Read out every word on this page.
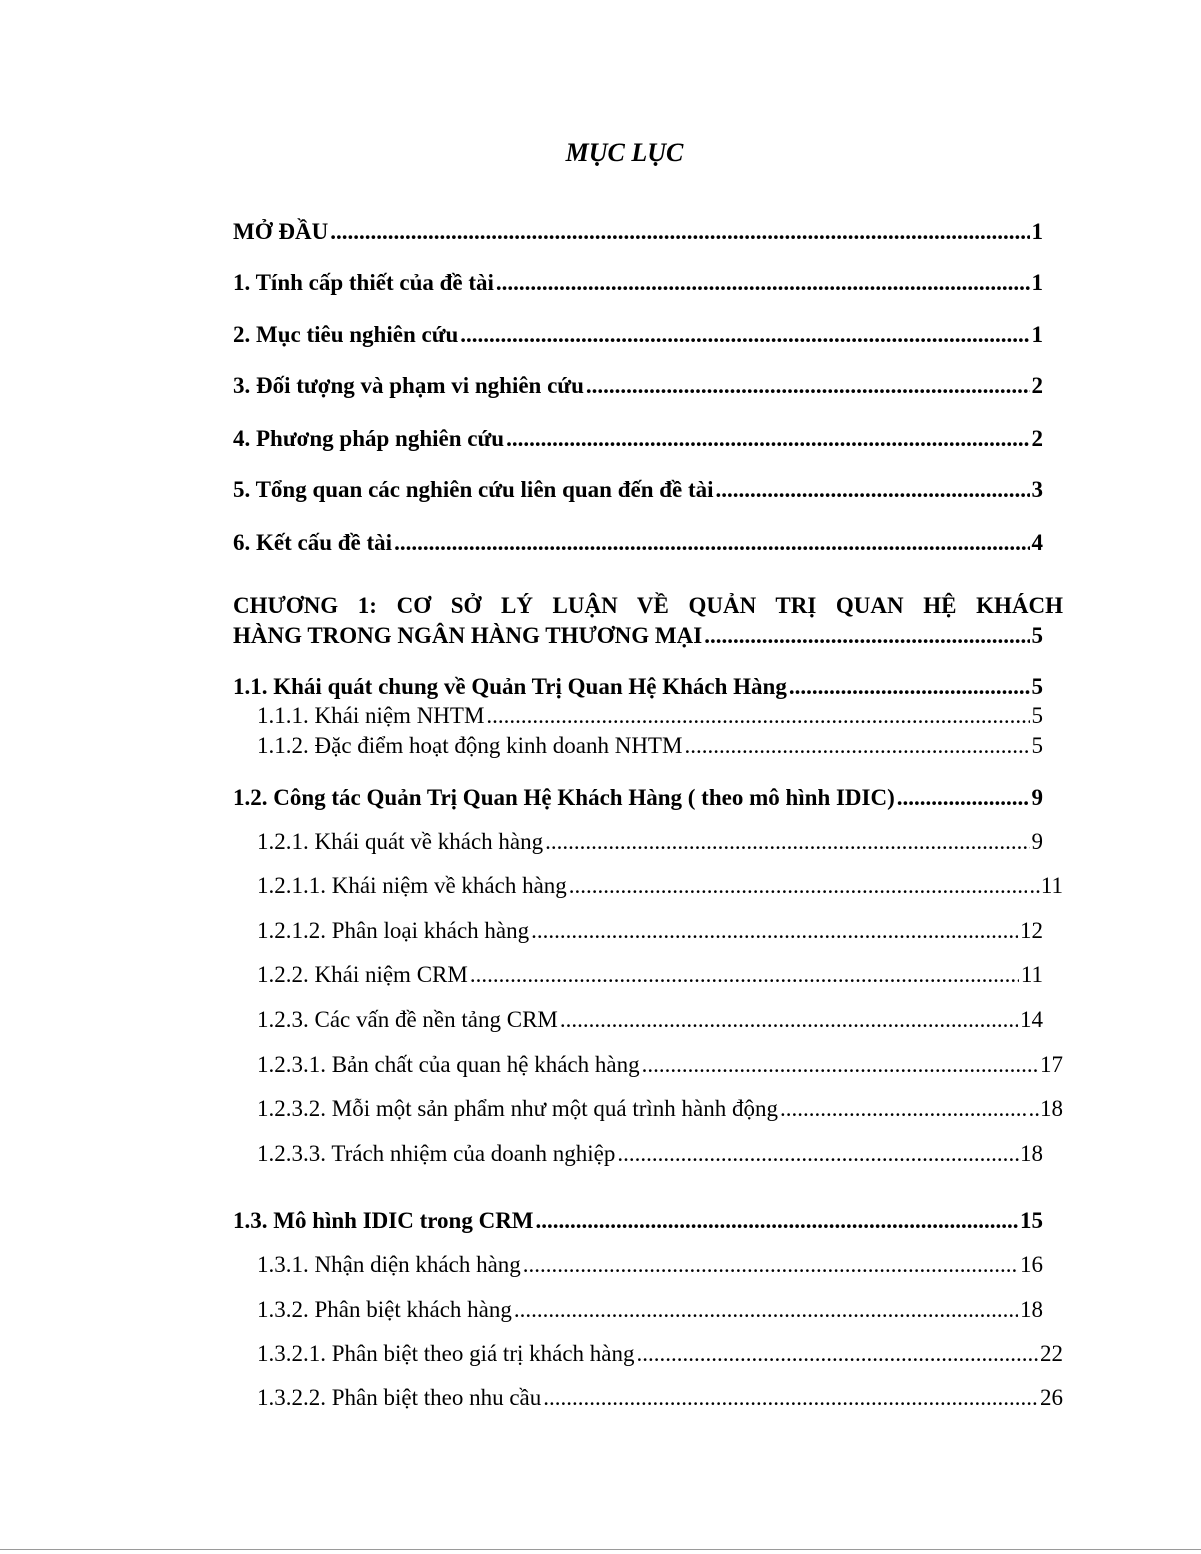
MỤC LỤC
MỞ ĐẦU .....	1
1. Tính cấp thiết của đề tài .....	1
2. Mục tiêu nghiên cứu .....	1
3. Đối tượng và phạm vi nghiên cứu .....	2
4. Phương pháp nghiên cứu .....	2
5. Tổng quan các nghiên cứu liên quan đến đề tài .....	3
6. Kết cấu đề tài .....	4
CHƯƠNG 1: CƠ SỞ LÝ LUẬN VỀ QUẢN TRỊ QUAN HỆ KHÁCH
HÀNG TRONG NGÂN HÀNG THƯƠNG MẠI .....	5
1.1. Khái quát chung về Quản Trị Quan Hệ Khách Hàng .....	5
1.1.1. Khái niệm NHTM .....	5
1.1.2. Đặc điểm hoạt động kinh doanh NHTM .....	5
1.2. Công tác Quản Trị Quan Hệ Khách Hàng ( theo mô hình IDIC) .....	9
1.2.1. Khái quát về khách hàng .....	9
1.2.1.1. Khái niệm về khách hàng .....	..11
1.2.1.2. Phân loại khách hàng .....	12
1.2.2. Khái niệm CRM .....	11
1.2.3. Các vấn đề nền tảng CRM .....	14
1.2.3.1. Bản chất của quan hệ khách hàng .....	17
1.2.3.2. Mỗi một sản phẩm như một quá trình hành động .....	..18
1.2.3.3. Trách nhiệm của doanh nghiệp .....	..18
1.3. Mô hình IDIC trong CRM .....	15
1.3.1. Nhận diện khách hàng .....	16
1.3.2. Phân biệt khách hàng .....	18
1.3.2.1. Phân biệt theo giá trị khách hàng .....	22
1.3.2.2. Phân biệt theo nhu cầu .....	26
